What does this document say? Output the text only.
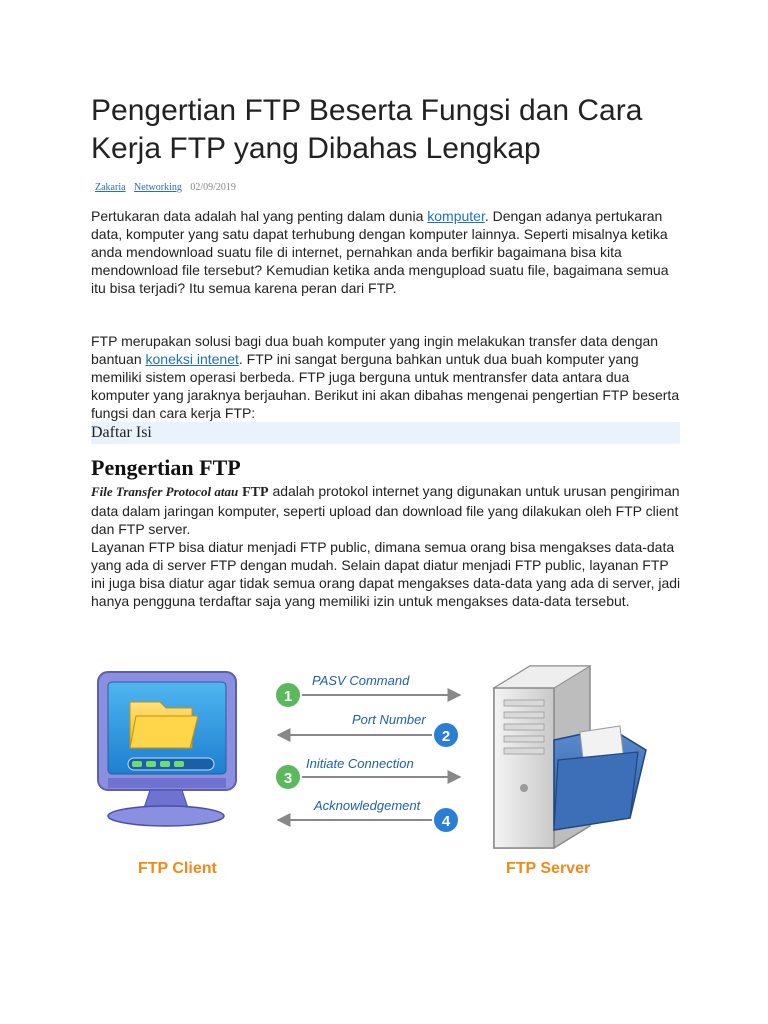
Pengertian FTP Beserta Fungsi dan Cara Kerja FTP yang Dibahas Lengkap
Zakaria Networking 02/09/2019

Pertukaran data adalah hal yang penting dalam dunia komputer. Dengan adanya pertukaran data, komputer yang satu dapat terhubung dengan komputer lainnya. Seperti misalnya ketika anda mendownload suatu file di internet, pernahkan anda berfikir bagaimana bisa kita mendownload file tersebut? Kemudian ketika anda mengupload suatu file, bagaimana semua itu bisa terjadi? Itu semua karena peran dari FTP.

FTP merupakan solusi bagi dua buah komputer yang ingin melakukan transfer data dengan bantuan koneksi intenet. FTP ini sangat berguna bahkan untuk dua buah komputer yang memiliki sistem operasi berbeda. FTP juga berguna untuk mentransfer data antara dua komputer yang jaraknya berjauhan. Berikut ini akan dibahas mengenai pengertian FTP beserta fungsi dan cara kerja FTP:

Daftar Isi
Pengertian FTP

File Transfer Protocol atau FTP adalah protokol internet yang digunakan untuk urusan pengiriman data dalam jaringan komputer, seperti upload dan download file yang dilakukan oleh FTP client dan FTP server.
Layanan FTP bisa diatur menjadi FTP public, dimana semua orang bisa mengakses data-data yang ada di server FTP dengan mudah. Selain dapat diatur menjadi FTP public, layanan FTP ini juga bisa diatur agar tidak semua orang dapat mengakses data-data yang ada di server, jadi hanya pengguna terdaftar saja yang memiliki izin untuk mengakses data-data tersebut.

FTP Client
1
PASV Command
2
Port Number
3
Initiate Connection
4
Acknowledgement
FTP Server
